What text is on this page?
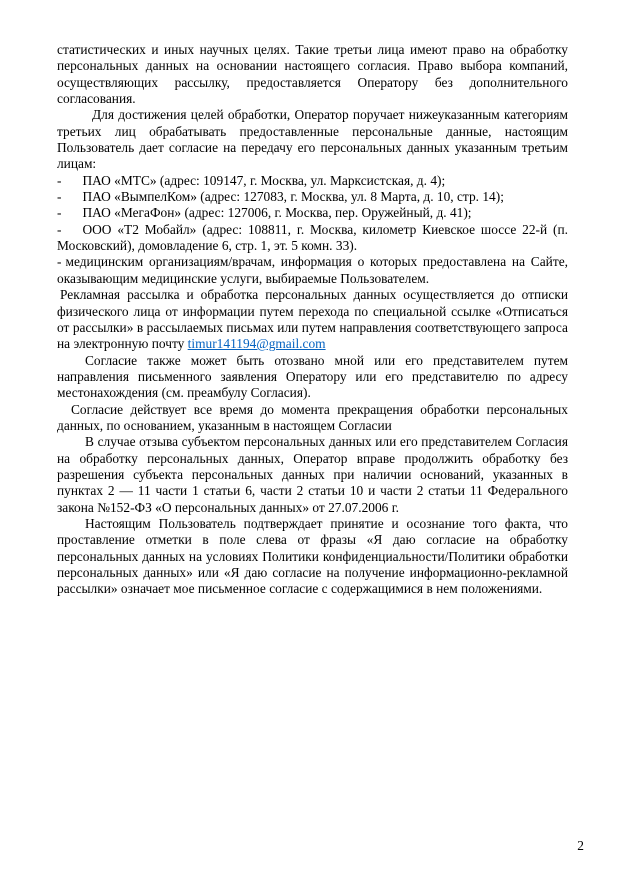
статистических и иных научных целях. Такие третьи лица имеют право на обработку персональных данных на основании настоящего согласия. Право выбора компаний, осуществляющих рассылку, предоставляется Оператору без дополнительного согласования.

Для достижения целей обработки, Оператор поручает нижеуказанным категориям третьих лиц обрабатывать предоставленные персональные данные, настоящим Пользователь дает согласие на передачу его персональных данных указанным третьим лицам:

- ПАО «МТС» (адрес: 109147, г. Москва, ул. Марксистская, д. 4);

- ПАО «ВымпелКом» (адрес: 127083, г. Москва, ул. 8 Марта, д. 10, стр. 14);

- ПАО «МегаФон» (адрес: 127006, г. Москва, пер. Оружейный, д. 41);

- ООО «Т2 Мобайл» (адрес: 108811, г. Москва, километр Киевское шоссе 22-й (п. Московский), домовладение 6, стр. 1, эт. 5 комн. 33).

- медицинским организациям/врачам, информация о которых предоставлена на Сайте, оказывающим медицинские услуги, выбираемые Пользователем.

Рекламная рассылка и обработка персональных данных осуществляется до отписки физического лица от информации путем перехода по специальной ссылке «Отписаться от рассылки» в рассылаемых письмах или путем направления соответствующего запроса на электронную почту timur141194@gmail.com

Согласие также может быть отозвано мной или его представителем путем направления письменного заявления Оператору или его представителю по адресу местонахождения (см. преамбулу Согласия).

Согласие действует все время до момента прекращения обработки персональных данных, по основанием, указанным в настоящем Согласии

В случае отзыва субъектом персональных данных или его представителем Согласия на обработку персональных данных, Оператор вправе продолжить обработку без разрешения субъекта персональных данных при наличии оснований, указанных в пунктах 2 — 11 части 1 статьи 6, части 2 статьи 10 и части 2 статьи 11 Федерального закона №152-ФЗ «О персональных данных» от 27.07.2006 г.

Настоящим Пользователь подтверждает принятие и осознание того факта, что проставление отметки в поле слева от фразы «Я даю согласие на обработку персональных данных на условиях Политики конфиденциальности/Политики обработки персональных данных» или «Я даю согласие на получение информационно-рекламной рассылки» означает мое письменное согласие с содержащимися в нем положениями.

2
